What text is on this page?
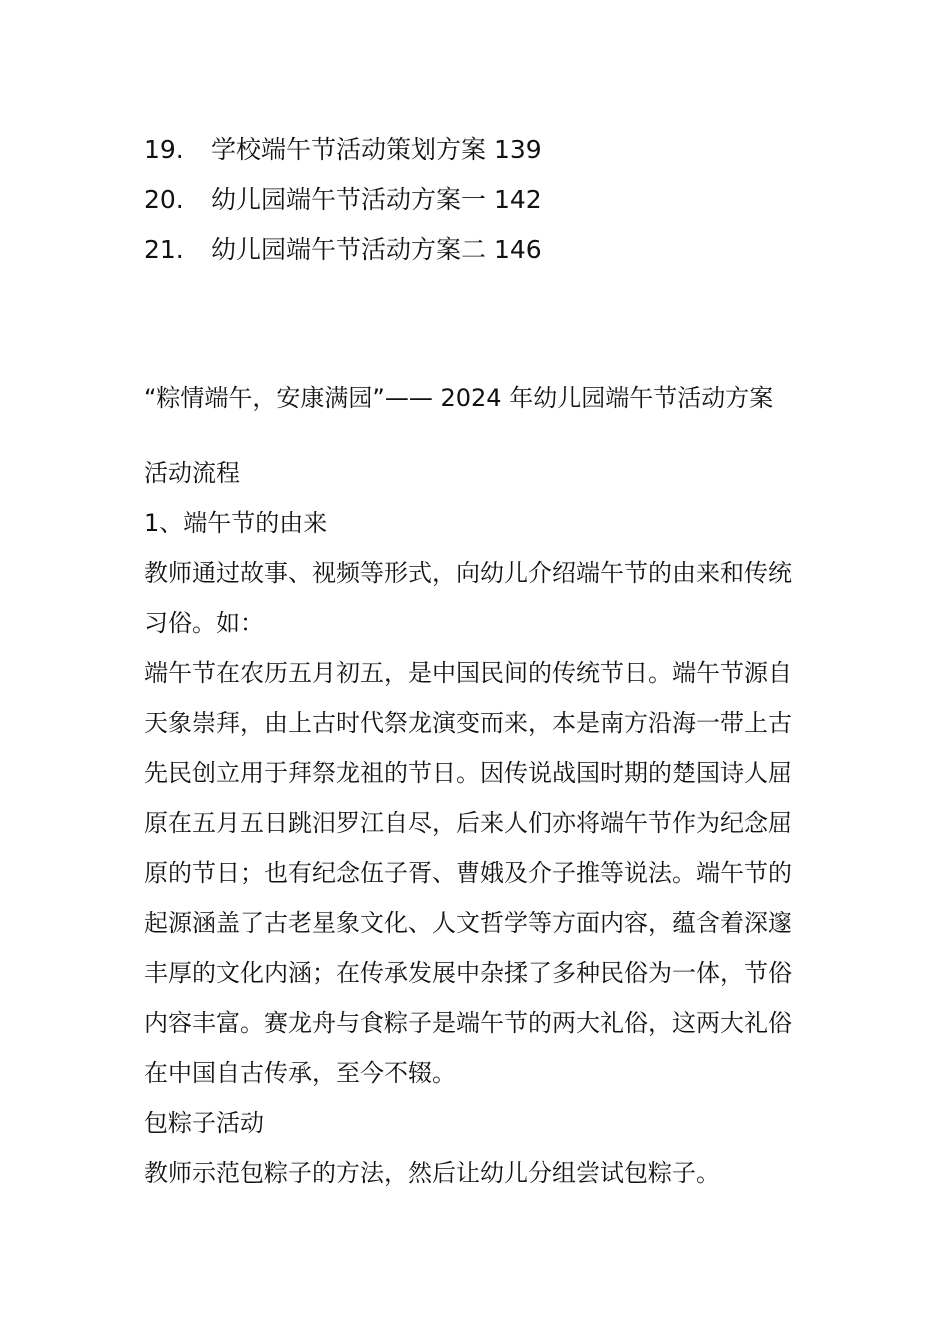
19. 学校端午节活动策划方案 139
20. 幼儿园端午节活动方案一 142
21. 幼儿园端午节活动方案二 146
“粽情端午，安康满园”—— 2024 年幼儿园端午节活动方案

活动流程

1、端午节的由来

教师通过故事、视频等形式，向幼儿介绍端午节的由来和传统习俗。如：

端午节在农历五月初五，是中国民间的传统节日。端午节源自天象崇拜，由上古时代祭龙演变而来，本是南方沿海一带上古先民创立用于拜祭龙祖的节日。因传说战国时期的楚国诗人屈原在五月五日跳汨罗江自尽，后来人们亦将端午节作为纪念屈原的节日；也有纪念伍子胥、曹娥及介子推等说法。端午节的起源涵盖了古老星象文化、人文哲学等方面内容，蕴含着深邃丰厚的文化内涵；在传承发展中杂揉了多种民俗为一体，节俗内容丰富。赛龙舟与食粽子是端午节的两大礼俗，这两大礼俗在中国自古传承，至今不辍。

包粽子活动

教师示范包粽子的方法，然后让幼儿分组尝试包粽子。
